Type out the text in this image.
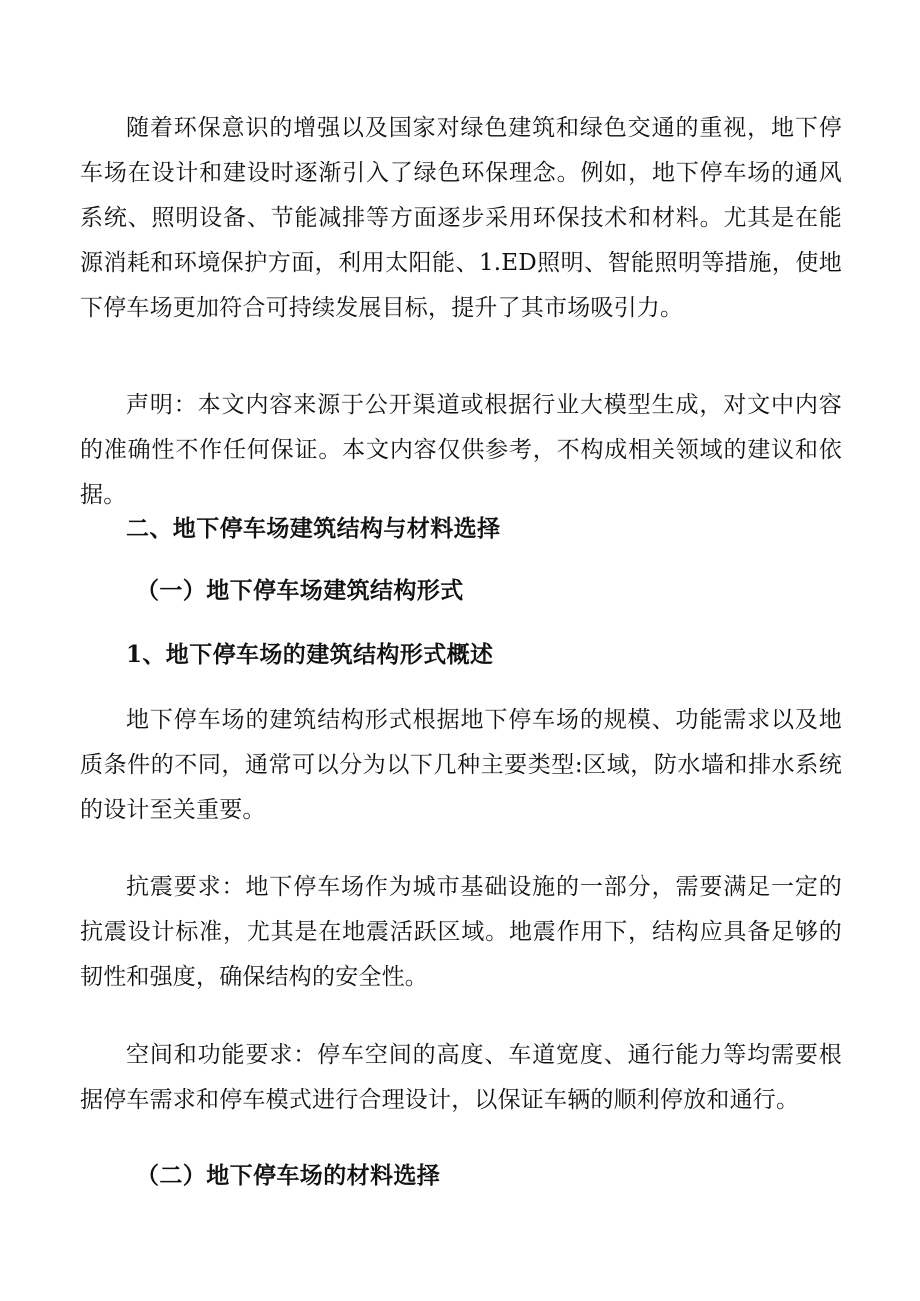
随着环保意识的增强以及国家对绿色建筑和绿色交通的重视，地下停车场在设计和建设时逐渐引入了绿色环保理念。例如，地下停车场的通风系统、照明设备、节能减排等方面逐步采用环保技术和材料。尤其是在能源消耗和环境保护方面，利用太阳能、1.ED照明、智能照明等措施，使地下停车场更加符合可持续发展目标，提升了其市场吸引力。

声明：本文内容来源于公开渠道或根据行业大模型生成，对文中内容的准确性不作任何保证。本文内容仅供参考，不构成相关领域的建议和依据。

二、地下停车场建筑结构与材料选择
（一）地下停车场建筑结构形式
1、地下停车场的建筑结构形式概述

地下停车场的建筑结构形式根据地下停车场的规模、功能需求以及地质条件的不同，通常可以分为以下几种主要类型:区域，防水墙和排水系统的设计至关重要。

抗震要求：地下停车场作为城市基础设施的一部分，需要满足一定的抗震设计标准，尤其是在地震活跃区域。地震作用下，结构应具备足够的韧性和强度，确保结构的安全性。

空间和功能要求：停车空间的高度、车道宽度、通行能力等均需要根据停车需求和停车模式进行合理设计，以保证车辆的顺利停放和通行。

（二）地下停车场的材料选择
